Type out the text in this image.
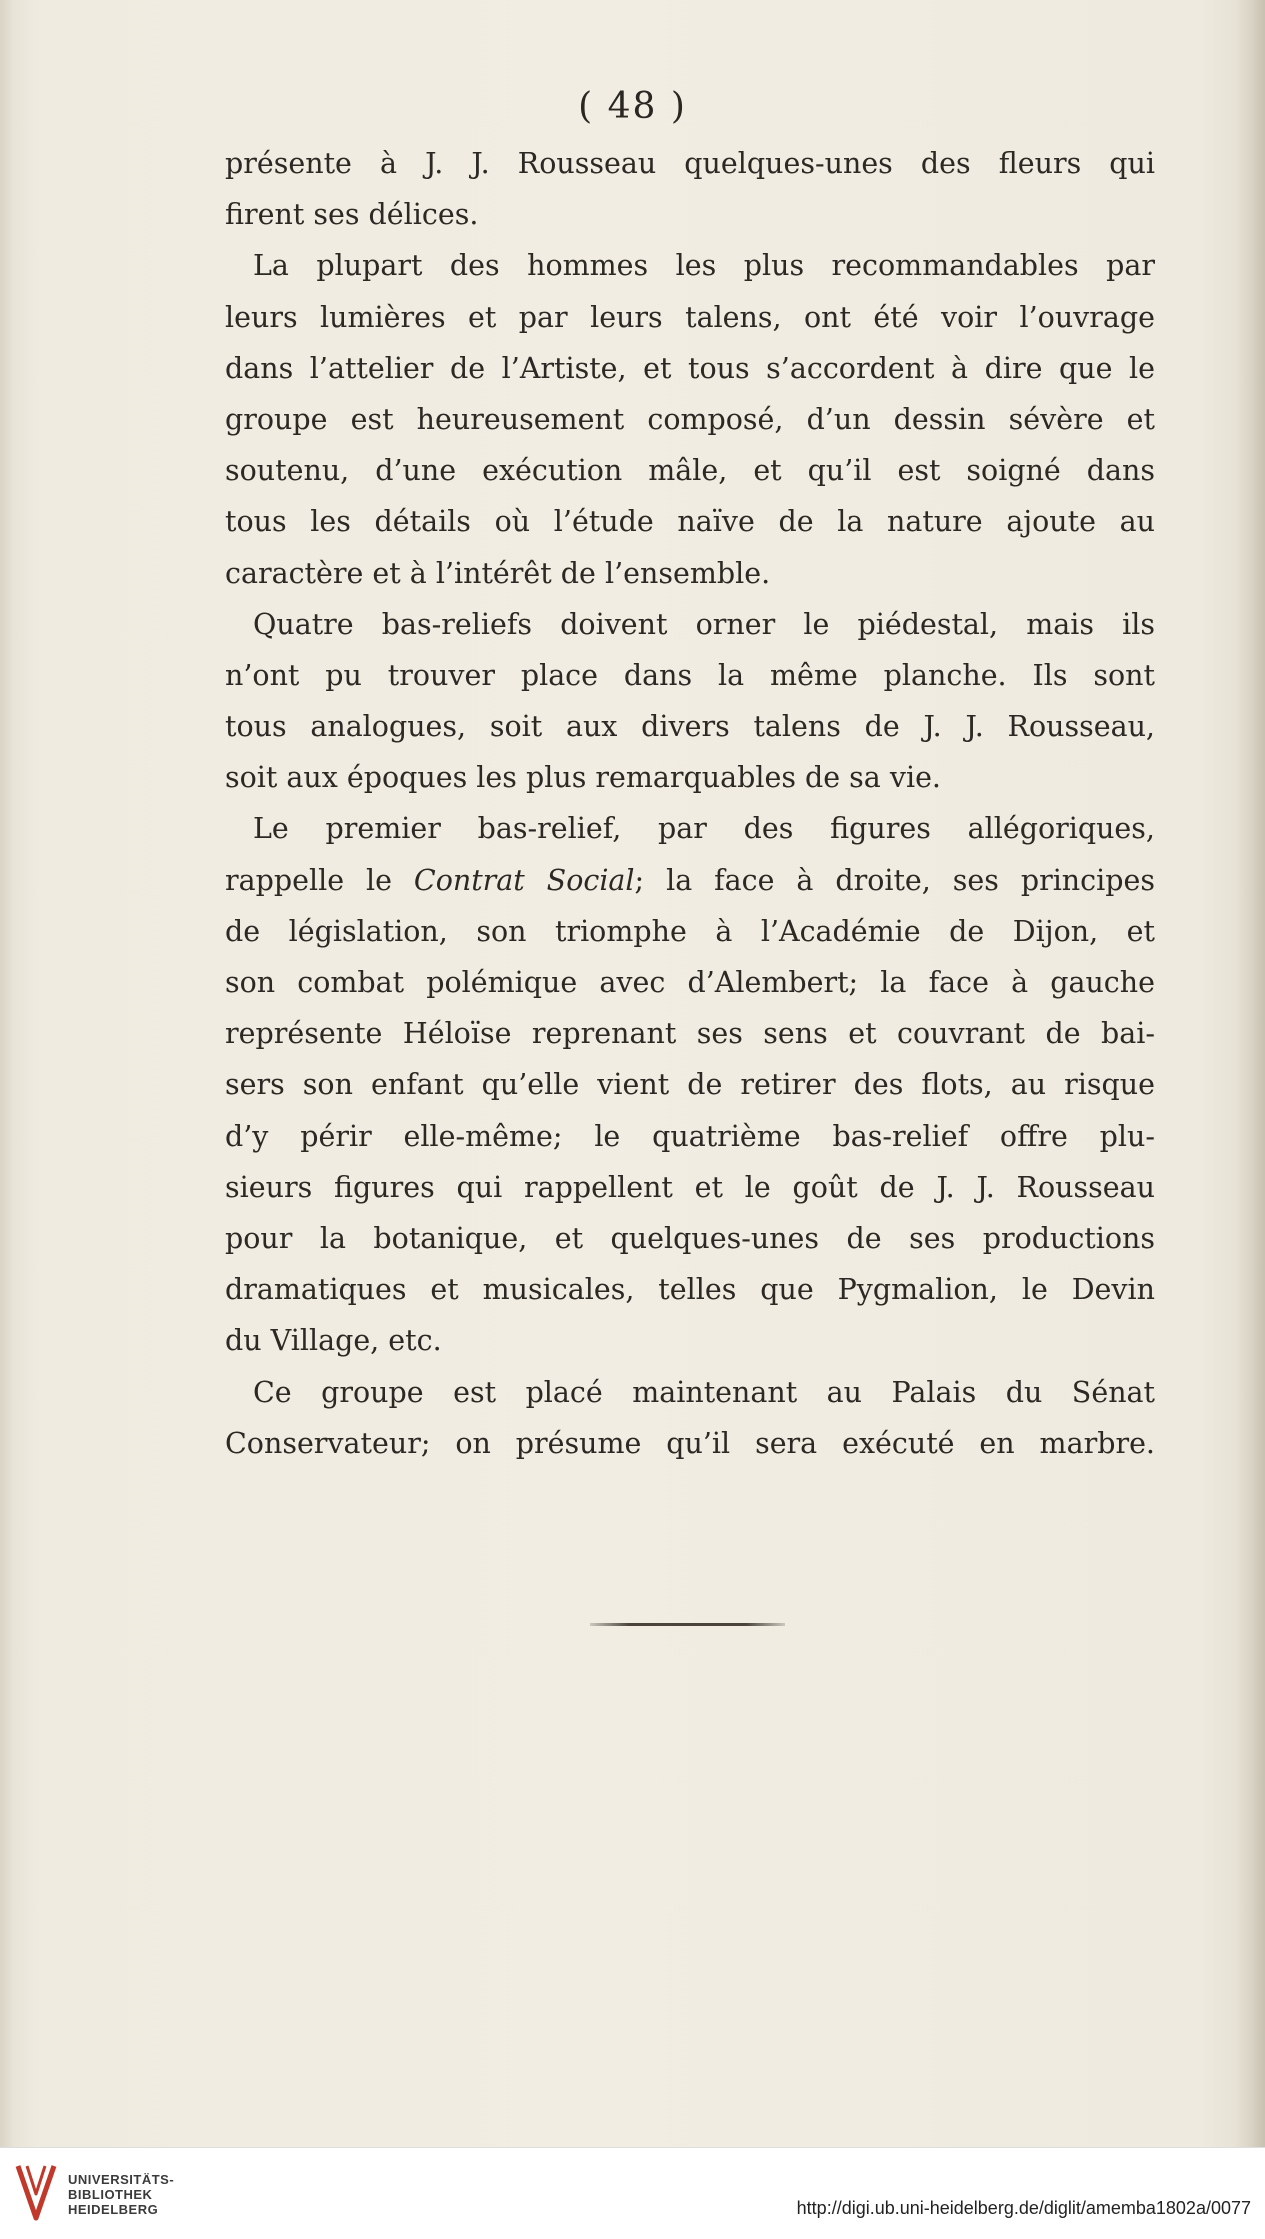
( 48 )
présente à J. J. Rousseau quelques-unes des fleurs qui
firent ses délices.
La plupart des hommes les plus recommandables par
leurs lumières et par leurs talens, ont été voir l’ouvrage
dans l’attelier de l’Artiste, et tous s’accordent à dire que le
groupe est heureusement composé, d’un dessin sévère et
soutenu, d’une exécution mâle, et qu’il est soigné dans
tous les détails où l’étude naïve de la nature ajoute au
caractère et à l’intérêt de l’ensemble.
Quatre bas-reliefs doivent orner le piédestal, mais ils
n’ont pu trouver place dans la même planche. Ils sont
tous analogues, soit aux divers talens de J. J. Rousseau,
soit aux époques les plus remarquables de sa vie.
Le premier bas-relief, par des figures allégoriques,
rappelle le Contrat Social; la face à droite, ses principes
de législation, son triomphe à l’Académie de Dijon, et
son combat polémique avec d’Alembert; la face à gauche
représente Héloïse reprenant ses sens et couvrant de bai-
sers son enfant qu’elle vient de retirer des flots, au risque
d’y périr elle-même; le quatrième bas-relief offre plu-
sieurs figures qui rappellent et le goût de J. J. Rousseau
pour la botanique, et quelques-unes de ses productions
dramatiques et musicales, telles que Pygmalion, le Devin
du Village, etc.
Ce groupe est placé maintenant au Palais du Sénat
Conservateur; on présume qu’il sera exécuté en marbre.
UNIVERSITÄTS-
BIBLIOTHEK
HEIDELBERG	http://digi.ub.uni-heidelberg.de/diglit/amemba1802a/0077
